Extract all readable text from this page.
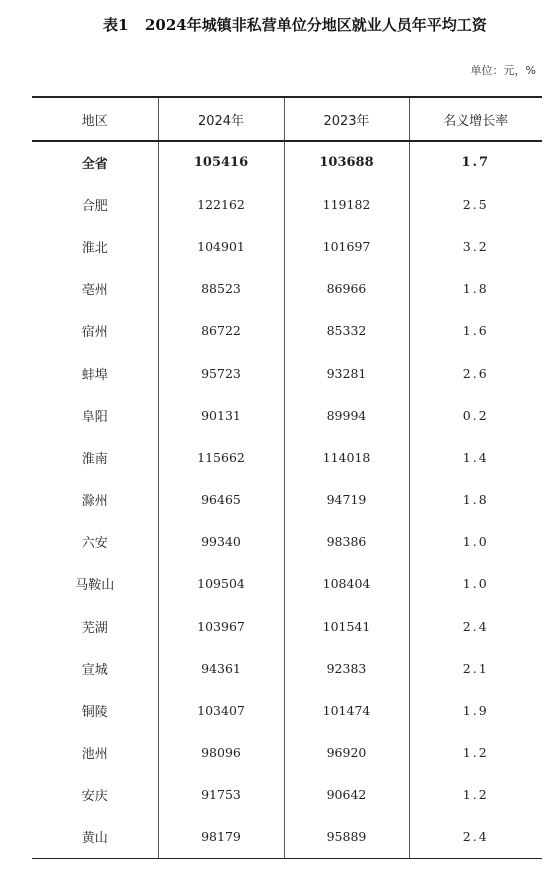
表1 2024年城镇非私营单位分地区就业人员年平均工资
单位：元，%
地区	2024年	2023年	名义增长率
全省	105416	103688	1.7
合肥	122162	119182	2.5
淮北	104901	101697	3.2
亳州	88523	86966	1.8
宿州	86722	85332	1.6
蚌埠	95723	93281	2.6
阜阳	90131	89994	0.2
淮南	115662	114018	1.4
滁州	96465	94719	1.8
六安	99340	98386	1.0
马鞍山	109504	108404	1.0
芜湖	103967	101541	2.4
宣城	94361	92383	2.1
铜陵	103407	101474	1.9
池州	98096	96920	1.2
安庆	91753	90642	1.2
黄山	98179	95889	2.4
